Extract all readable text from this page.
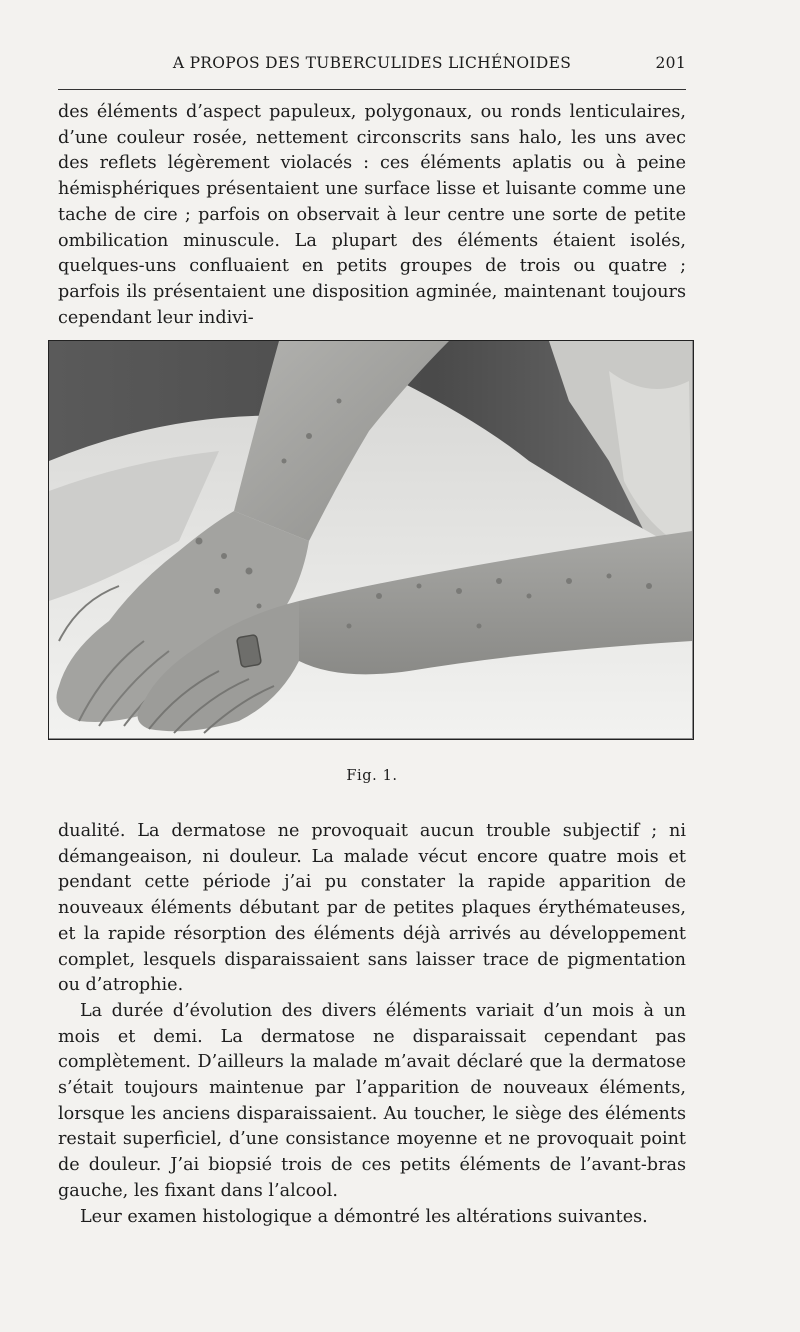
A PROPOS DES TUBERCULIDES LICHÉNOIDES	201

des éléments d’aspect papuleux, polygonaux, ou ronds lenticulaires, d’une couleur rosée, nettement circonscrits sans halo, les uns avec des reflets légèrement violacés : ces éléments aplatis ou à peine hémisphériques présentaient une surface lisse et luisante comme une tache de cire ; parfois on observait à leur centre une sorte de petite ombilication minuscule. La plupart des éléments étaient isolés, quelques-uns confluaient en petits groupes de trois ou quatre ; parfois ils présentaient une disposition agminée, maintenant toujours cependant leur indivi-

Fig. 1.

dualité. La dermatose ne provoquait aucun trouble subjectif ; ni démangeaison, ni douleur. La malade vécut encore quatre mois et pendant cette période j’ai pu constater la rapide apparition de nouveaux éléments débutant par de petites plaques érythémateuses, et la rapide résorption des éléments déjà arrivés au développement complet, lesquels disparaissaient sans laisser trace de pigmentation ou d’atrophie.

La durée d’évolution des divers éléments variait d’un mois à un mois et demi. La dermatose ne disparaissait cependant pas complètement. D’ailleurs la malade m’avait déclaré que la dermatose s’était toujours maintenue par l’apparition de nouveaux éléments, lorsque les anciens disparaissaient. Au toucher, le siège des éléments restait superficiel, d’une consistance moyenne et ne provoquait point de douleur. J’ai biopsié trois de ces petits éléments de l’avant-bras gauche, les fixant dans l’alcool.

Leur examen histologique a démontré les altérations suivantes.
